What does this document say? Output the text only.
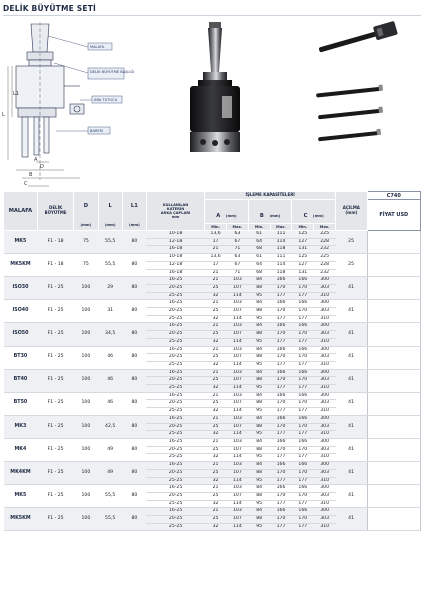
DELİK BÜYÜTME SETİ
L
L1
D
A
B
C
MALAFA
DELİK BÜYÜTME BAŞLIĞI
ARA TUTUCU
BAREM
MALAFA	DELİK
BÜYÜTME	D
(mm)	L
(mm)	L1
(mm)	KULLANILAN
KATERİN
ARKA ÇAPLARI
mm	İŞLEME KAPASİTELERİ						AÇILMA
(mm)	C740
						A (mm)		B (mm)		C (mm)			FİYAT USD
						Min.	Max.	Min.	Max.	Min.	Max.		
MK5	F1 - 18	75	55,5	80	10-18	13,6	63	61	111	125	225	25	
					12-18	17	67	64	114	127	228		
					16-18	21	71	68	118	131	232		
MK5KM	F1 - 18	75	55,5	80	10-18	13,6	63	61	111	125	225	25	
					12-18	17	67	64	114	127	228		
					16-18	21	71	68	118	131	232		
ISO30	F1 - 25	100	29	80	16-25	21	103	84	166	166	300	41	
					20-25	25	107	88	170	170	303		
					25-25	32	114	95	177	177	310		
ISO40	F1 - 25	100	31	80	16-25	21	103	84	166	166	300	41	
					20-25	25	107	88	170	170	303		
					25-25	32	114	95	177	177	310		
ISO50	F1 - 25	100	34,5	80	16-25	21	103	84	166	166	300	41	
					20-25	25	107	88	170	170	303		
					25-25	32	114	95	177	177	310		
BT30	F1 - 25	100	46	80	16-25	21	103	84	166	166	300	41	
					20-25	25	107	88	170	170	303		
					25-25	32	114	95	177	177	310		
BT40	F1 - 25	100	46	80	16-25	21	103	84	166	166	300	41	
					20-25	25	107	88	170	170	303		
					25-25	32	114	95	177	177	310		
BT50	F1 - 25	100	46	80	16-25	21	103	84	166	166	300	41	
					20-25	25	107	88	170	170	303		
					25-25	32	114	95	177	177	310		
MK3	F1 - 25	100	42,5	80	16-25	21	103	84	166	166	300	41	
					20-25	25	107	88	170	170	303		
					25-25	32	114	95	177	177	310		
MK4	F1 - 25	100	49	80	16-25	21	103	84	166	166	300	41	
					20-25	25	107	88	170	170	303		
					25-25	32	114	95	177	177	310		
MK4KM	F1 - 25	100	49	80	16-25	21	103	84	166	166	300	41	
					20-25	25	107	88	170	170	303		
					25-25	32	114	95	177	177	310		
MK5	F1 - 25	100	55,5	80	16-25	21	103	84	166	166	300	41	
					20-25	25	107	88	170	170	303		
					25-25	32	114	95	177	177	310		
MK5KM	F1 - 25	100	55,5	80	16-25	21	103	84	166	166	300	41	
					20-25	25	107	88	170	170	303		
					25-25	32	114	95	177	177	310		
